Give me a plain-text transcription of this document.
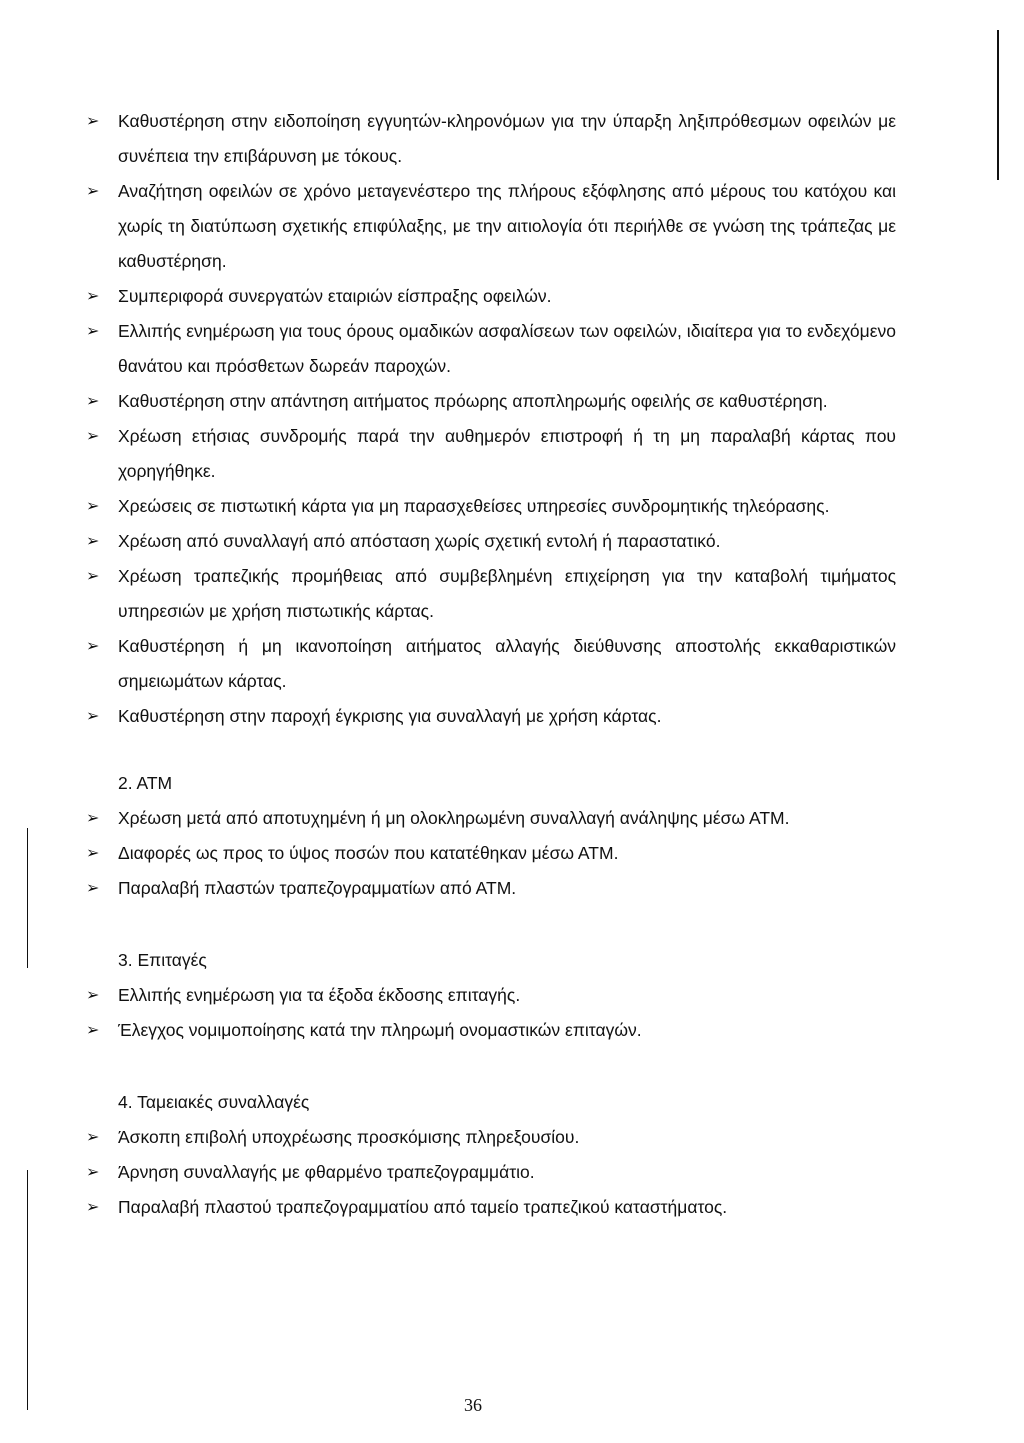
➢	Καθυστέρηση στην ειδοποίηση εγγυητών-κληρονόμων για την ύπαρξη ληξιπρόθεσμων οφειλών με συνέπεια την επιβάρυνση με τόκους.
➢	Αναζήτηση οφειλών σε χρόνο μεταγενέστερο της πλήρους εξόφλησης από μέρους του κατόχου και χωρίς τη διατύπωση σχετικής επιφύλαξης, με την αιτιολογία ότι περιήλθε σε γνώση της τράπεζας με καθυστέρηση.
➢	Συμπεριφορά συνεργατών εταιριών είσπραξης οφειλών.
➢	Ελλιπής ενημέρωση για τους όρους ομαδικών ασφαλίσεων των οφειλών, ιδιαίτερα για το ενδεχόμενο θανάτου και πρόσθετων δωρεάν παροχών.
➢	Καθυστέρηση στην απάντηση αιτήματος πρόωρης αποπληρωμής οφειλής σε καθυστέρηση.
➢	Χρέωση ετήσιας συνδρομής παρά την αυθημερόν επιστροφή ή τη μη παραλαβή κάρτας που χορηγήθηκε.
➢	Χρεώσεις σε πιστωτική κάρτα για μη παρασχεθείσες υπηρεσίες συνδρομητικής τηλεόρασης.
➢	Χρέωση από συναλλαγή από απόσταση χωρίς σχετική εντολή ή παραστατικό.
➢	Χρέωση τραπεζικής προμήθειας από συμβεβλημένη επιχείρηση για την καταβολή τιμήματος υπηρεσιών με χρήση πιστωτικής κάρτας.
➢	Καθυστέρηση ή μη ικανοποίηση αιτήματος αλλαγής διεύθυνσης αποστολής εκκαθαριστικών σημειωμάτων κάρτας.
➢	Καθυστέρηση στην παροχή έγκρισης για συναλλαγή με χρήση κάρτας.
2. ATM
➢	Χρέωση μετά από αποτυχημένη ή μη ολοκληρωμένη συναλλαγή ανάληψης μέσω ΑΤΜ.
➢	Διαφορές ως προς το ύψος ποσών που κατατέθηκαν μέσω ΑΤΜ.
➢	Παραλαβή πλαστών τραπεζογραμματίων από ΑΤΜ.
3. Επιταγές
➢	Ελλιπής ενημέρωση για τα έξοδα έκδοσης επιταγής.
➢	Έλεγχος νομιμοποίησης κατά την πληρωμή ονομαστικών επιταγών.
4. Ταμειακές συναλλαγές
➢	Άσκοπη επιβολή υποχρέωσης προσκόμισης πληρεξουσίου.
➢	Άρνηση συναλλαγής με φθαρμένο τραπεζογραμμάτιο.
➢	Παραλαβή πλαστού τραπεζογραμματίου από ταμείο τραπεζικού καταστήματος.
36
